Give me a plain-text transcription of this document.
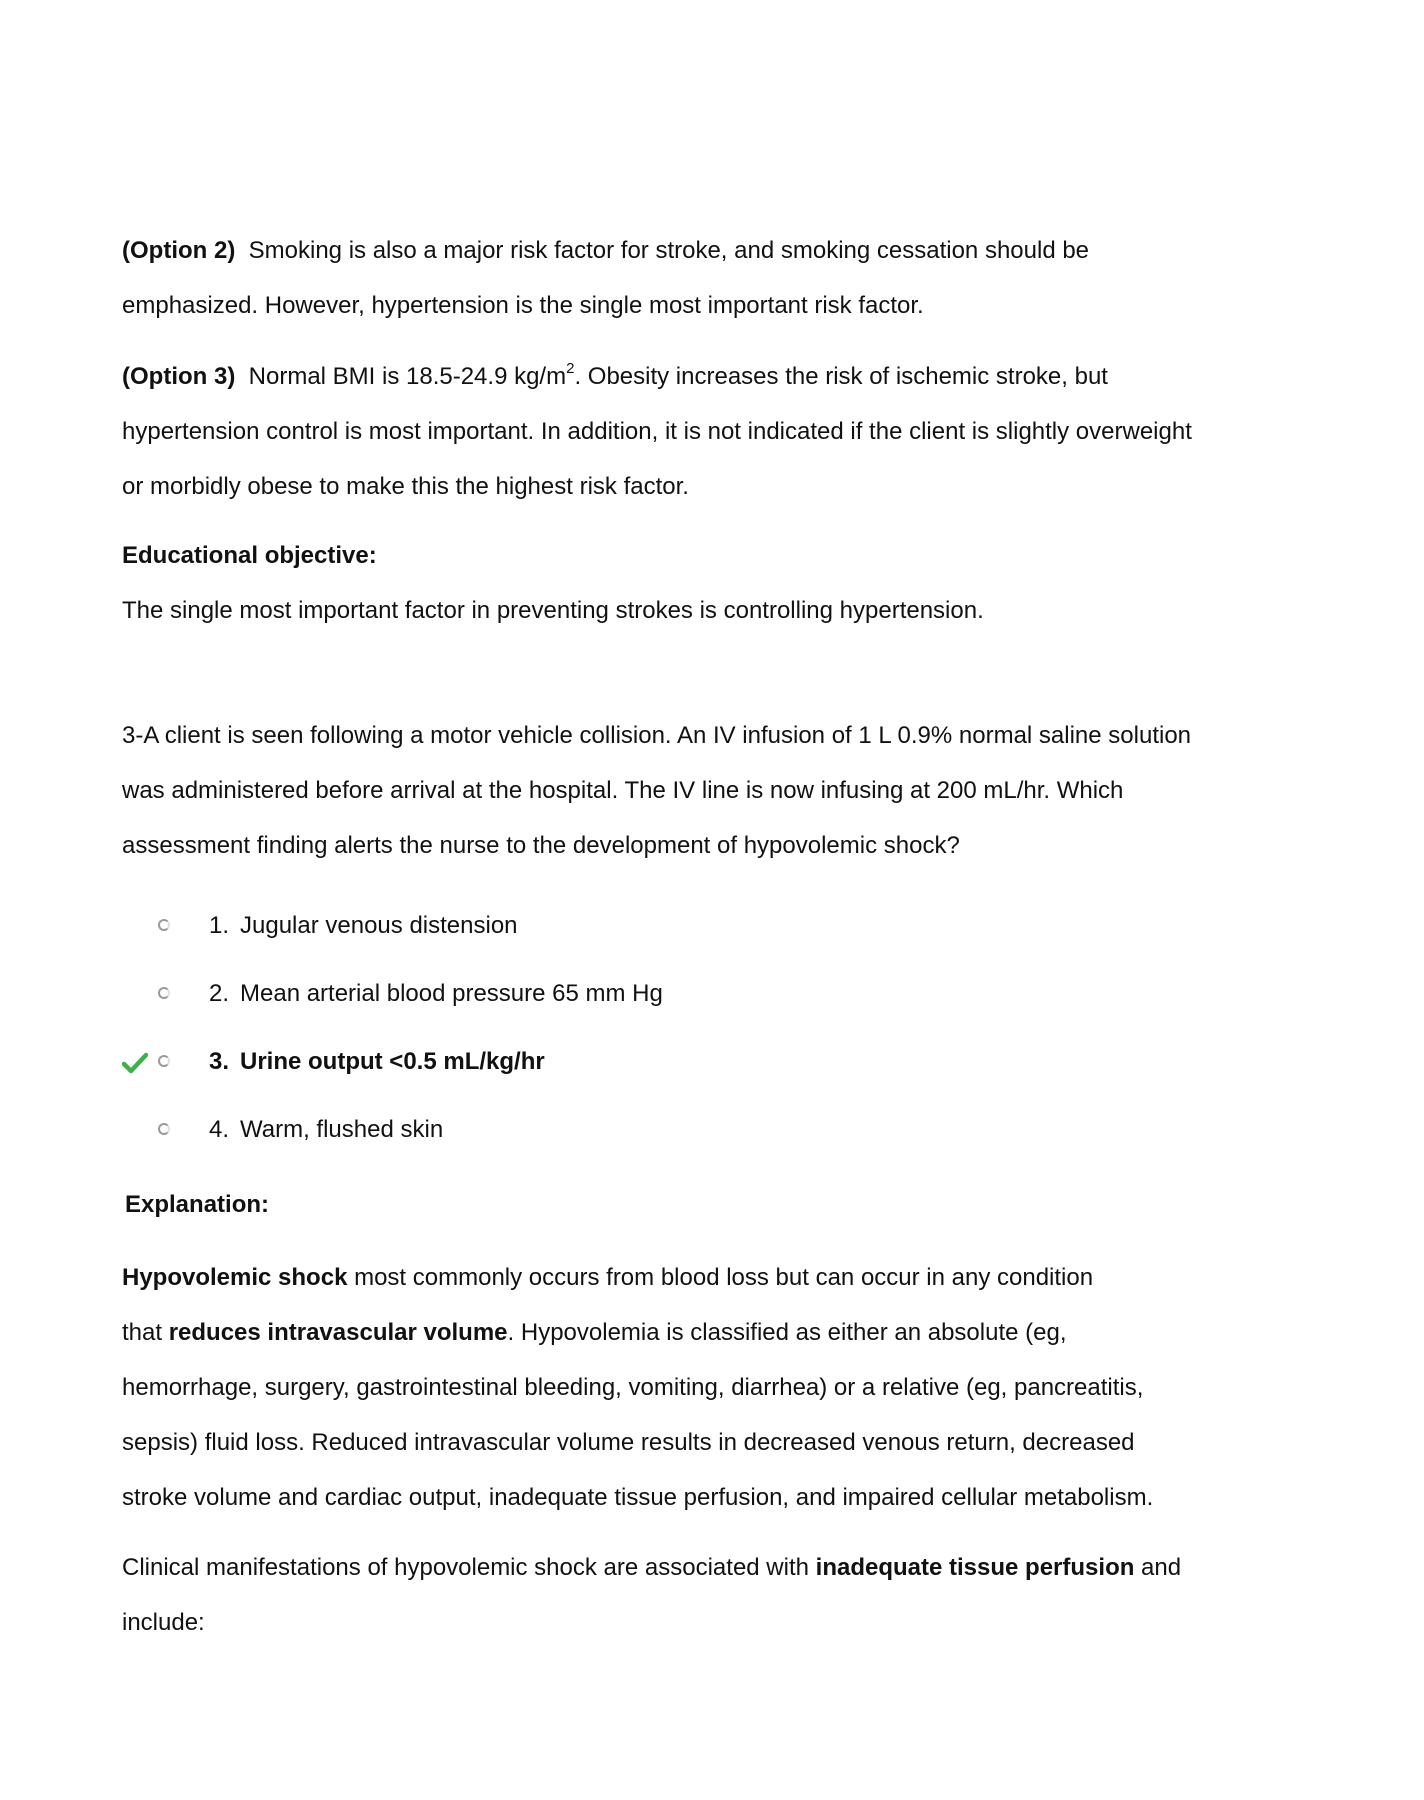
(Option 2) Smoking is also a major risk factor for stroke, and smoking cessation should be
emphasized. However, hypertension is the single most important risk factor.
(Option 3) Normal BMI is 18.5-24.9 $kg/m^2$. Obesity increases the risk of ischemic stroke, but
hypertension control is most important. In addition, it is not indicated if the client is slightly overweight
or morbidly obese to make this the highest risk factor.
Educational objective:
The single most important factor in preventing strokes is controlling hypertension.
3-A client is seen following a motor vehicle collision. An IV infusion of 1 L 0.9% normal saline solution
was administered before arrival at the hospital. The IV line is now infusing at 200 mL/hr. Which
assessment finding alerts the nurse to the development of hypovolemic shock?
1. Jugular venous distension
2. Mean arterial blood pressure 65 mm Hg
3. Urine output <0.5 mL/kg/hr
4. Warm, flushed skin
Explanation:
Hypovolemic shock most commonly occurs from blood loss but can occur in any condition
that reduces intravascular volume. Hypovolemia is classified as either an absolute (eg,
hemorrhage, surgery, gastrointestinal bleeding, vomiting, diarrhea) or a relative (eg, pancreatitis,
sepsis) fluid loss. Reduced intravascular volume results in decreased venous return, decreased
stroke volume and cardiac output, inadequate tissue perfusion, and impaired cellular metabolism.
Clinical manifestations of hypovolemic shock are associated with inadequate tissue perfusion and
include:
